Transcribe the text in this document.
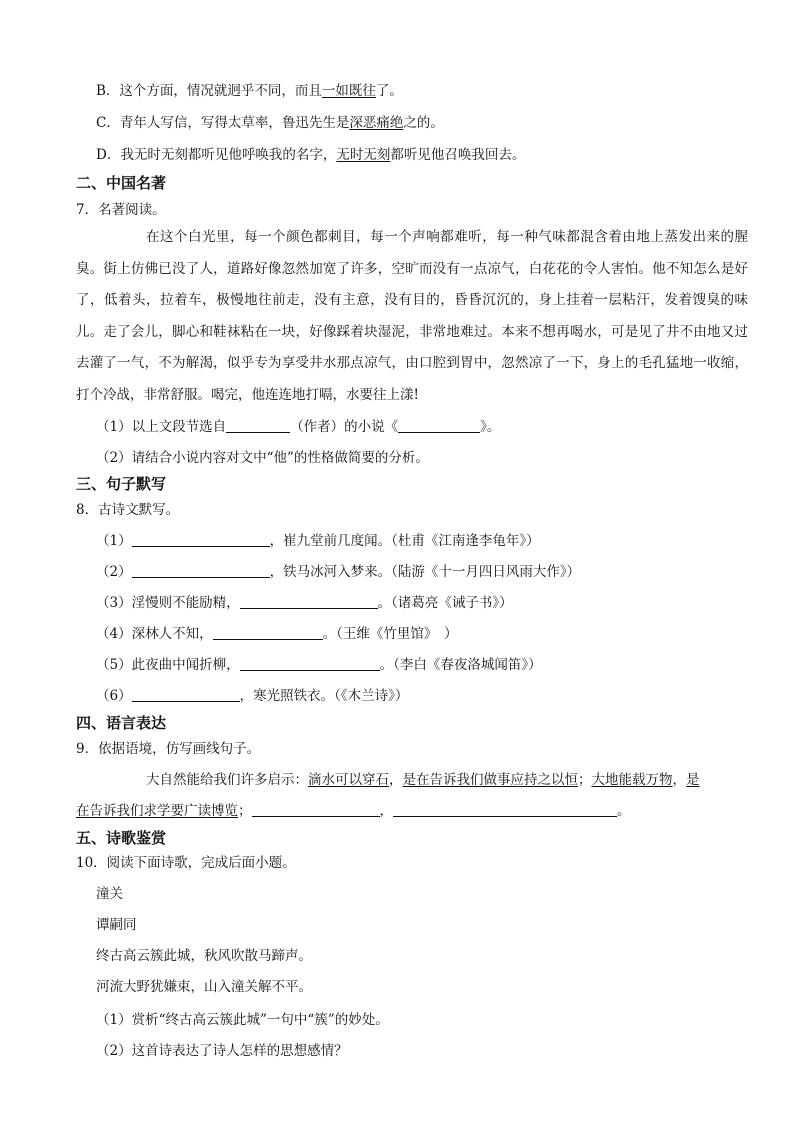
B．这个方面，情况就迥乎不同，而且一如既往了。
C．青年人写信，写得太草率，鲁迅先生是深恶痛绝之的。
D．我无时无刻都听见他呼唤我的名字，无时无刻都听见他召唤我回去。
二、中国名著
7．名著阅读。
在这个白光里，每一个颜色都刺目，每一个声响都难听，每一种气味都混含着由地上蒸发出来的腥臭。街上仿佛已没了人，道路好像忽然加宽了许多，空旷而没有一点凉气，白花花的令人害怕。他不知怎么是好了，低着头，拉着车，极慢地往前走，没有主意，没有目的，昏昏沉沉的，身上挂着一层粘汗，发着馊臭的味儿。走了会儿，脚心和鞋袜粘在一块，好像踩着块湿泥，非常地难过。本来不想再喝水，可是见了井不由地又过去灌了一气，不为解渴，似乎专为享受井水那点凉气，由口腔到胃中，忽然凉了一下，身上的毛孔猛地一收缩，打个冷战，非常舒服。喝完，他连连地打嗝，水要往上漾!
（1）以上文段节选自	（作者）的小说《	》。
（2）请结合小说内容对文中“他”的性格做简要的分析。
三、句子默写
8．古诗文默写。
（1）	，崔九堂前几度闻。（杜甫《江南逢李龟年》）
（2）	，铁马冰河入梦来。（陆游《十一月四日风雨大作》）
（3）淫慢则不能励精，	。（诸葛亮《诫子书》）
（4）深林人不知，	。（王维《竹里馆》　）
（5）此夜曲中闻折柳，	。（李白《春夜洛城闻笛》）
（6）	，寒光照铁衣。（《木兰诗》）
四、语言表达
9．依据语境，仿写画线句子。
大自然能给我们许多启示：滴水可以穿石，是在告诉我们做事应持之以恒；大地能载万物，是
在告诉我们求学要广读博览；	，	。
五、诗歌鉴赏
10．阅读下面诗歌，完成后面小题。
潼关
谭嗣同
终古高云簇此城，秋风吹散马蹄声。
河流大野犹嫌束，山入潼关解不平。
（1）赏析“终古高云簇此城”一句中“簇”的妙处。
（2）这首诗表达了诗人怎样的思想感情？
